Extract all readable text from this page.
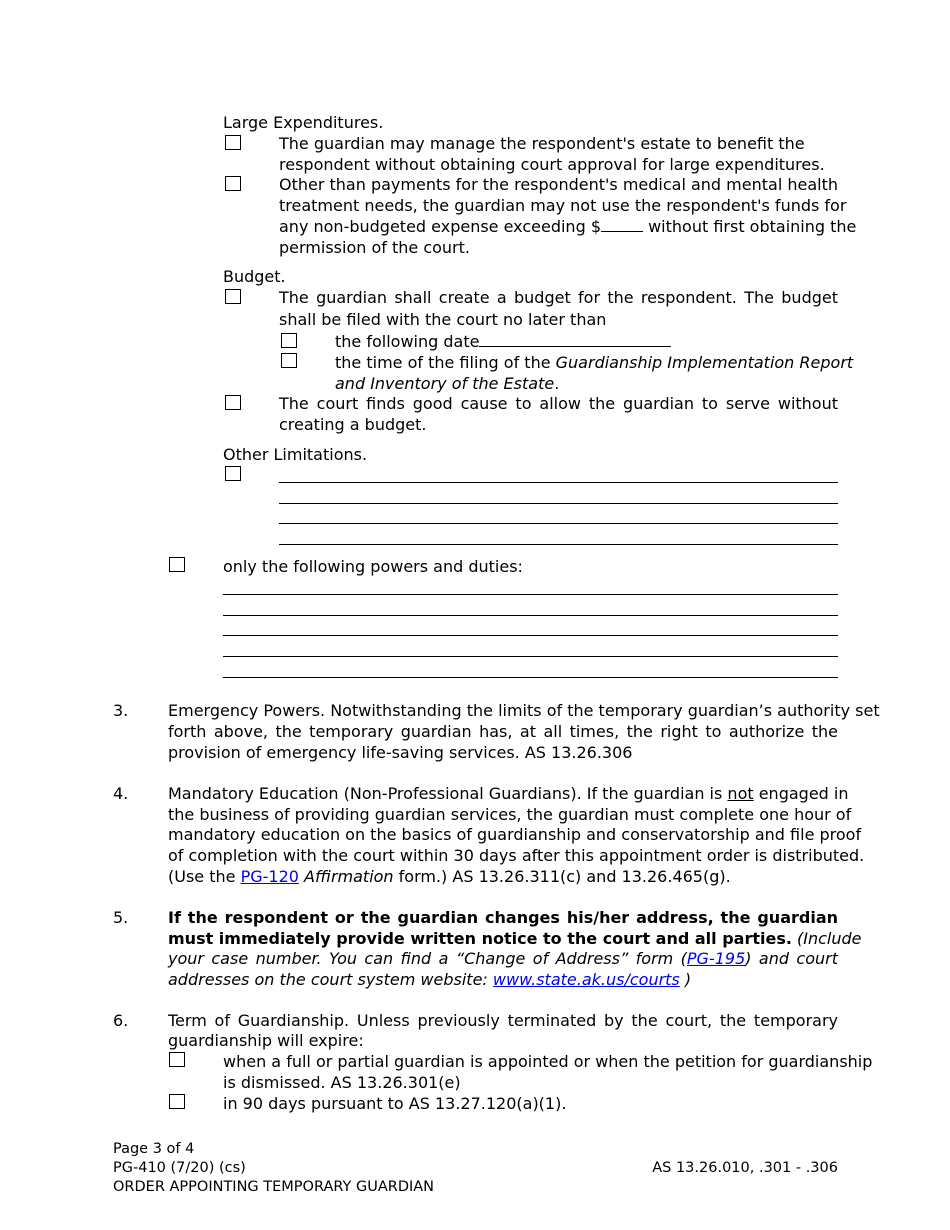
Large Expenditures.
The guardian may manage the respondent's estate to benefit the
respondent without obtaining court approval for large expenditures.
Other than payments for the respondent's medical and mental health
treatment needs, the guardian may not use the respondent's funds for
any non-budgeted expense exceeding $	without first obtaining the
permission of the court.
Budget.
The guardian shall create a budget for the respondent. The budget
shall be filed with the court no later than
the following date
the time of the filing of the Guardianship Implementation Report
and Inventory of the Estate.
The court finds good cause to allow the guardian to serve without
creating a budget.
Other Limitations.
only the following powers and duties:
3. Emergency Powers. Notwithstanding the limits of the temporary guardian’s authority set
forth above, the temporary guardian has, at all times, the right to authorize the
provision of emergency life-saving services. AS 13.26.306
4. Mandatory Education (Non-Professional Guardians). If the guardian is not engaged in
the business of providing guardian services, the guardian must complete one hour of
mandatory education on the basics of guardianship and conservatorship and file proof
of completion with the court within 30 days after this appointment order is distributed.
(Use the PG-120 Affirmation form.) AS 13.26.311(c) and 13.26.465(g).
5. If the respondent or the guardian changes his/her address, the guardian
must immediately provide written notice to the court and all parties. (Include
your case number. You can find a “Change of Address” form (PG-195) and court
addresses on the court system website: www.state.ak.us/courts )
6. Term of Guardianship. Unless previously terminated by the court, the temporary
guardianship will expire:
when a full or partial guardian is appointed or when the petition for guardianship
is dismissed. AS 13.26.301(e)
in 90 days pursuant to AS 13.27.120(a)(1).
Page 3 of 4
PG-410 (7/20) (cs)
ORDER APPOINTING TEMPORARY GUARDIAN
AS 13.26.010, .301 - .306
